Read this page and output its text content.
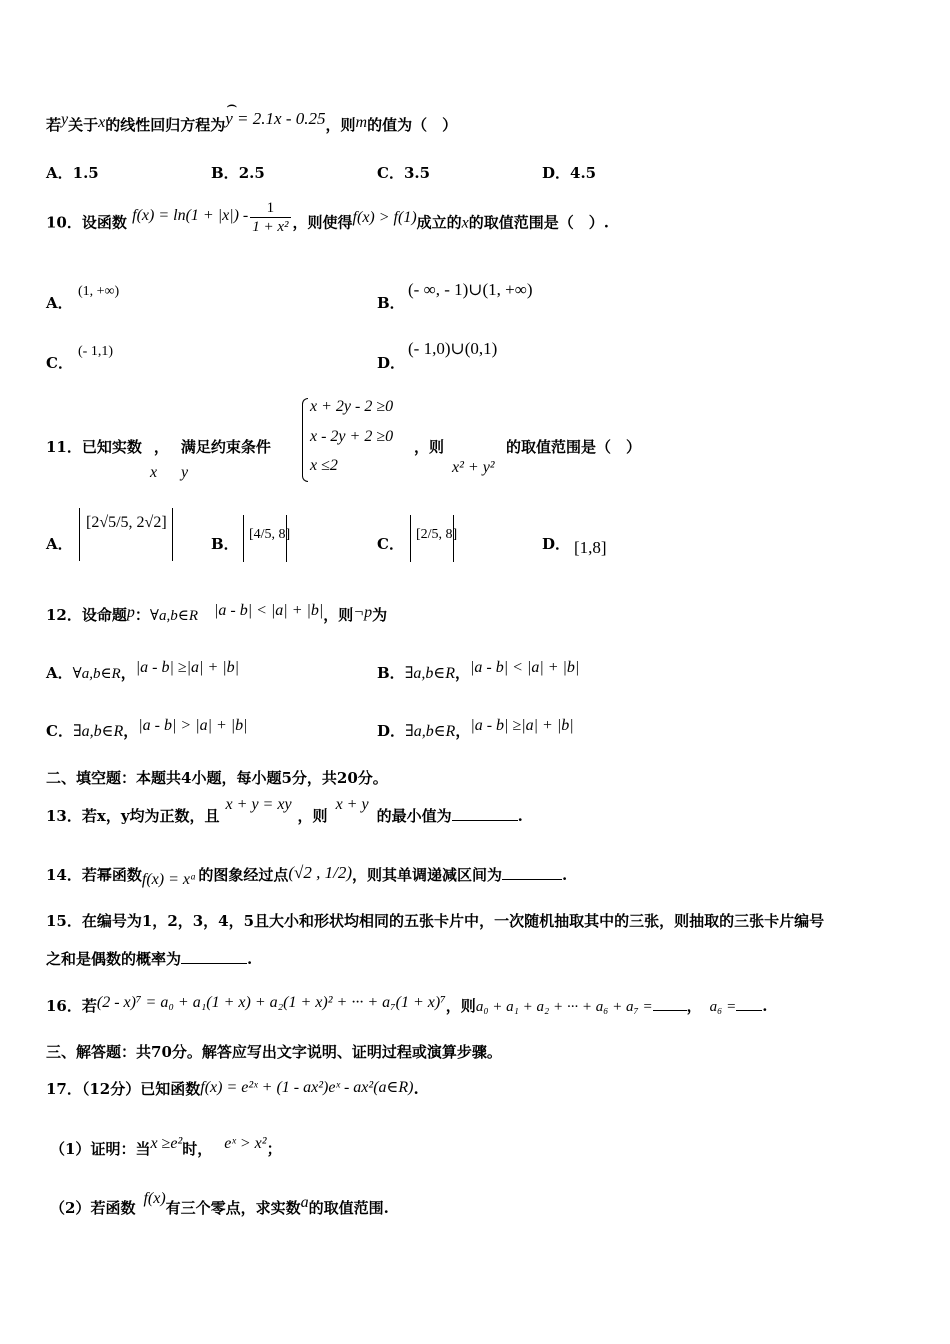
若y关于x的线性回归方程为
⌢
y = 2.1x - 0.25，则m的值为（　）
A．1.5	B．2.5	C．3.5	D．4.5
10．设函数 $f(x) = \ln(1 + |x|) - \frac{1}{\text{1 + x²}}$ ，则使得f(x) > f(1)成立的x的取值范围是（　）.
A．
(1, +∞)
B．
(- ∞, - 1)∪(1, +∞)
C．
(- 1,1)
D．
(- 1,0)∪(0,1)
11．已知实数 ， 满足约束条件
x y
x + 2y - 2 ≥0
x - 2y + 2 ≥0
x ≤2
，则
x² + y²
的取值范围是（　）
A．
[2√5/5, 2√2]
B．
[4/5, 8]
C．
[2/5, 8]
D． [1,8]
12．设命题p：∀a,b∈R |a - b| < |a| + |b|，则¬p为
A．∀a,b∈R，|a - b| ≥|a| + |b|	B．∃a,b∈R，|a - b| < |a| + |b|
C．∃a,b∈R，|a - b| > |a| + |b|	D．∃a,b∈R，|a - b| ≥|a| + |b|
二、填空题：本题共4小题，每小题5分，共20分。
13．若x，y均为正数，且x + y = xy，则x + y的最小值为	.
14．若幂函数f(x) = xᵃ 的图象经过点(√2 , 1/2)，则其单调递减区间为	.
15．在编号为1，2，3，4，5且大小和形状均相同的五张卡片中，一次随机抽取其中的三张，则抽取的三张卡片编号
之和是偶数的概率为	.
16．若(2 - x)⁷ = a₀ + a₁(1 + x) + a₂(1 + x)² + ··· + a₇(1 + x)⁷，则a₀ + a₁ + a₂ + ··· + a₆ + a₇ = ， a₆ = .
三、解答题：共70分。解答应写出文字说明、证明过程或演算步骤。
17．（12分）已知函数f(x) = e²ˣ + (1 - ax²)eˣ - ax²(a∈R).
（1）证明：当x ≥e²时， eˣ > x²；
（2）若函数f(x)有三个零点，求实数a的取值范围.
